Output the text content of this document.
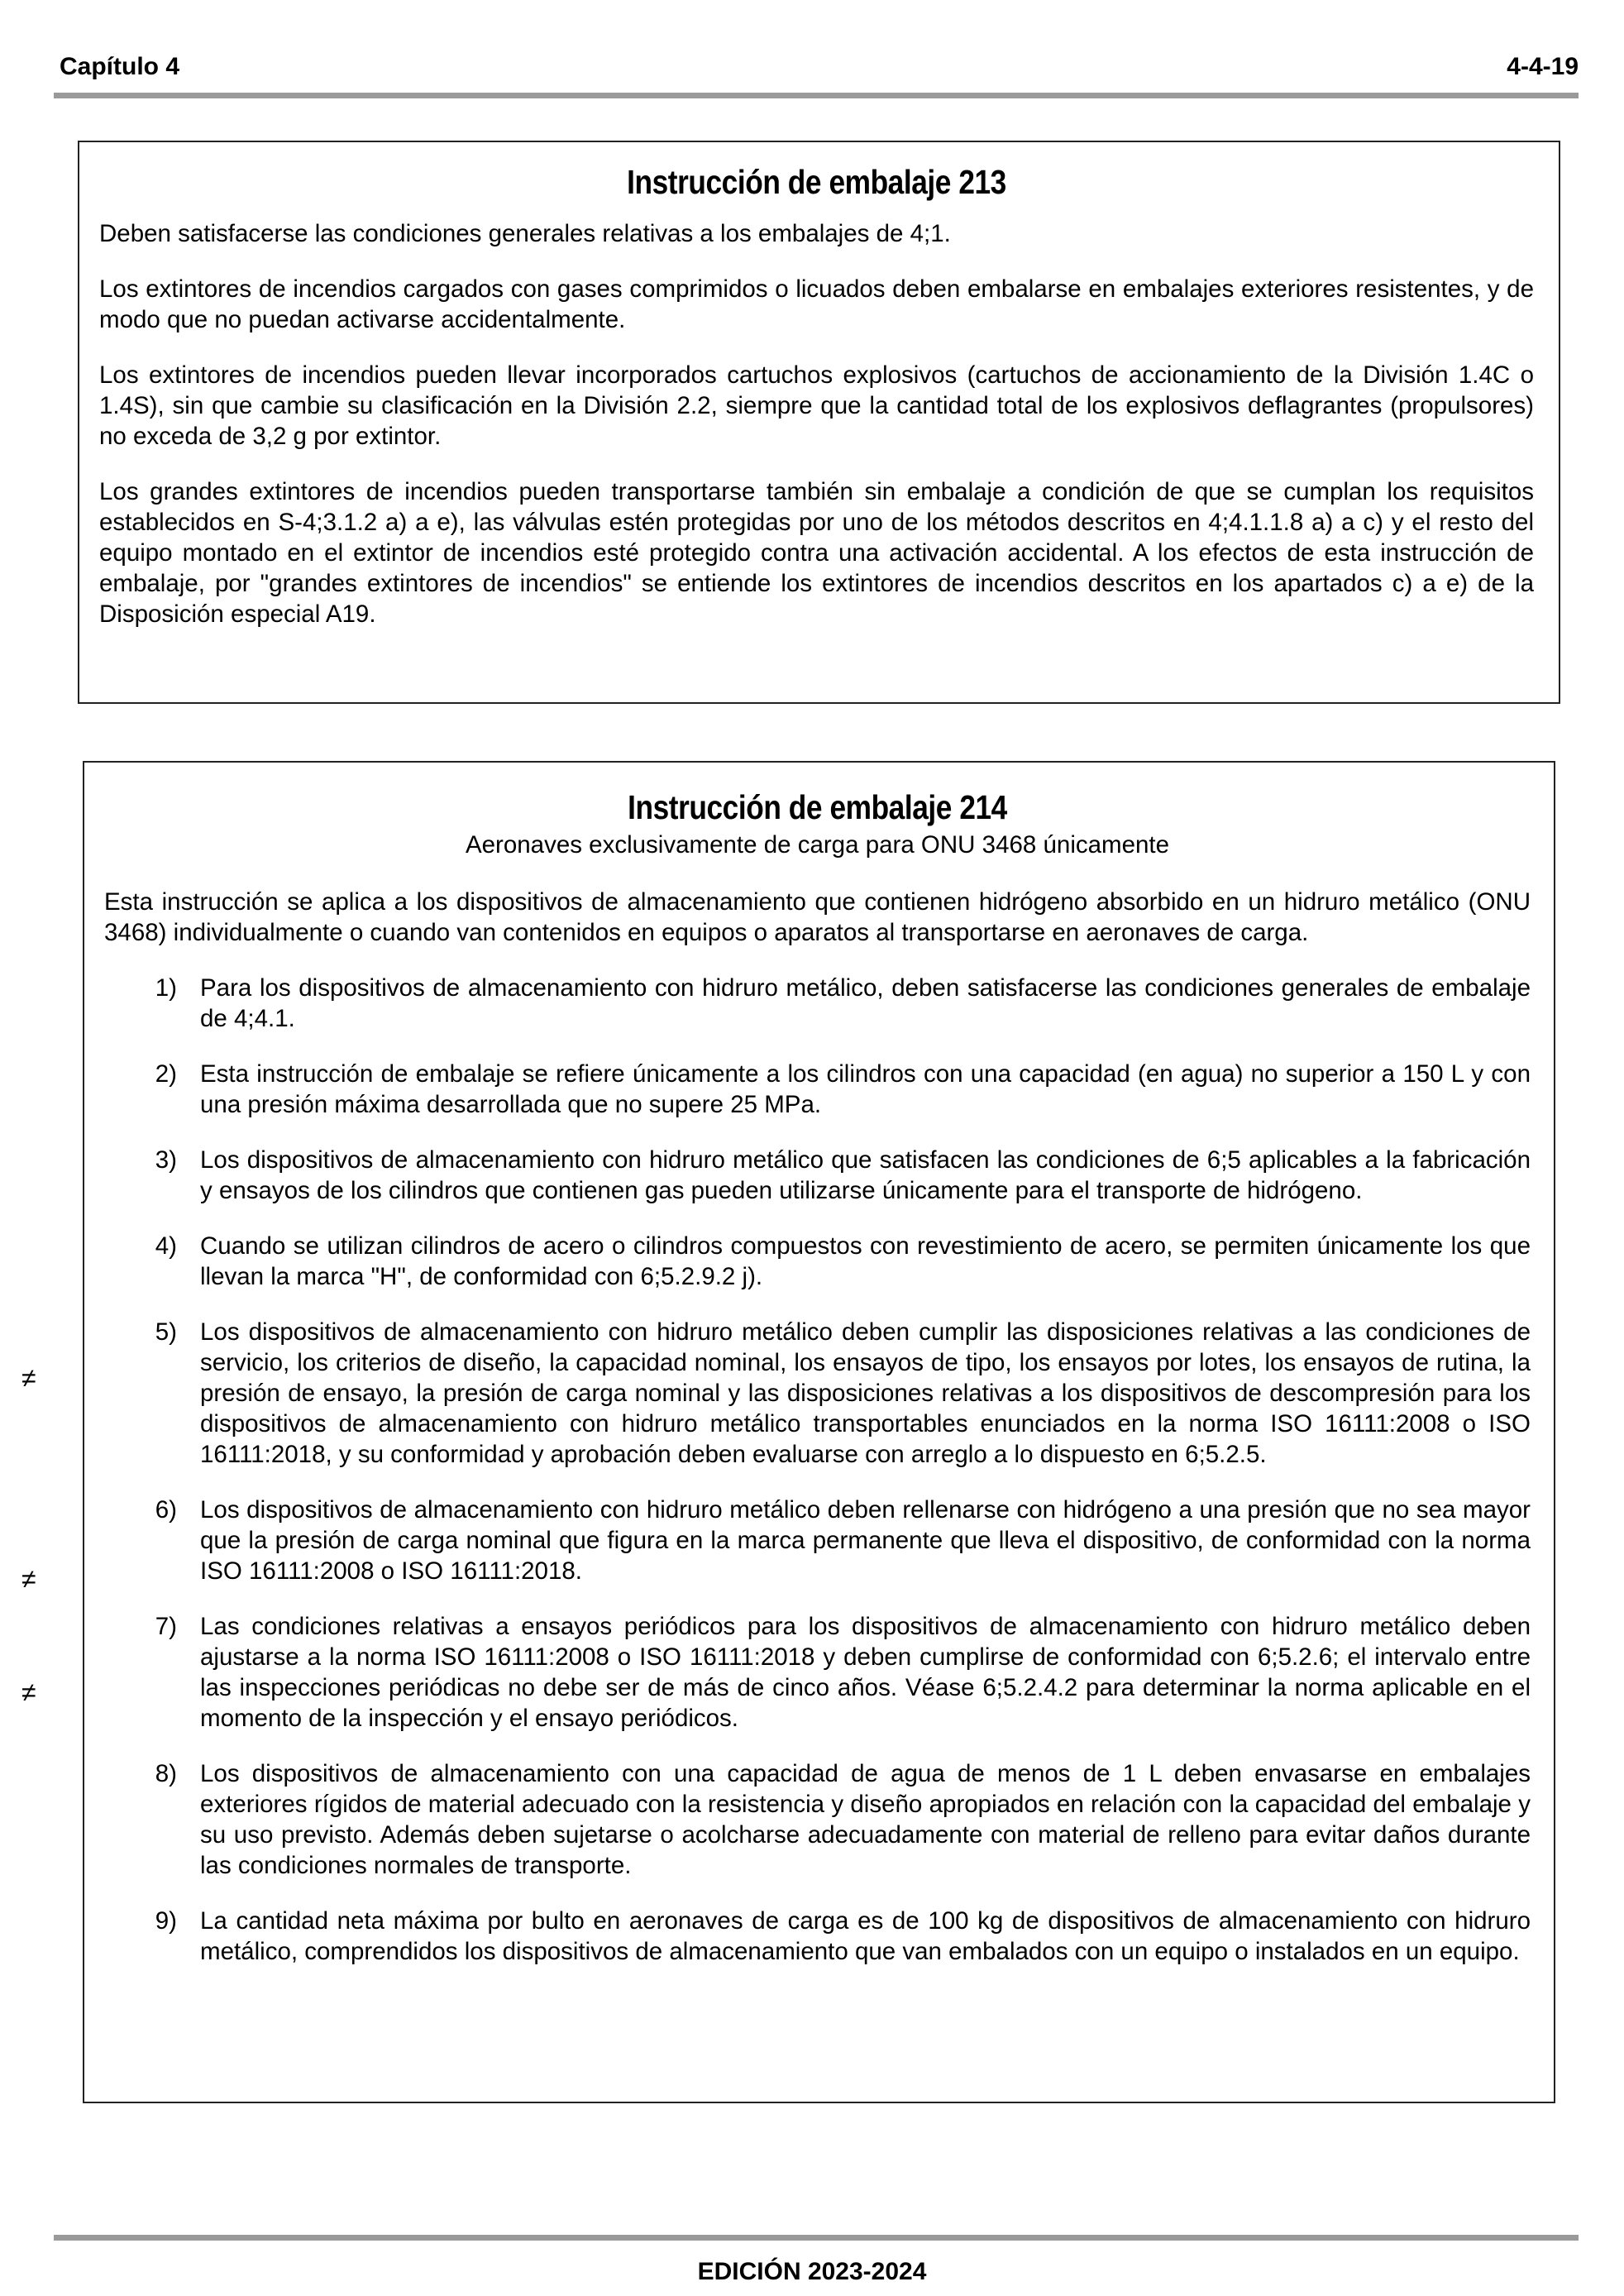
Capítulo 4	4-4-19
Instrucción de embalaje 213

Deben satisfacerse las condiciones generales relativas a los embalajes de 4;1.

Los extintores de incendios cargados con gases comprimidos o licuados deben embalarse en embalajes exteriores resistentes, y de modo que no puedan activarse accidentalmente.

Los extintores de incendios pueden llevar incorporados cartuchos explosivos (cartuchos de accionamiento de la División 1.4C o 1.4S), sin que cambie su clasificación en la División 2.2, siempre que la cantidad total de los explosivos deflagrantes (propulsores) no exceda de 3,2 g por extintor.

Los grandes extintores de incendios pueden transportarse también sin embalaje a condición de que se cumplan los requisitos establecidos en S-4;3.1.2 a) a e), las válvulas estén protegidas por uno de los métodos descritos en 4;4.1.1.8 a) a c) y el resto del equipo montado en el extintor de incendios esté protegido contra una activación accidental. A los efectos de esta instrucción de embalaje, por "grandes extintores de incendios" se entiende los extintores de incendios descritos en los apartados c) a e) de la Disposición especial A19.

Instrucción de embalaje 214
Aeronaves exclusivamente de carga para ONU 3468 únicamente

Esta instrucción se aplica a los dispositivos de almacenamiento que contienen hidrógeno absorbido en un hidruro metálico (ONU 3468) individualmente o cuando van contenidos en equipos o aparatos al transportarse en aeronaves de carga.

1) Para los dispositivos de almacenamiento con hidruro metálico, deben satisfacerse las condiciones generales de embalaje de 4;4.1.
2) Esta instrucción de embalaje se refiere únicamente a los cilindros con una capacidad (en agua) no superior a 150 L y con una presión máxima desarrollada que no supere 25 MPa.
3) Los dispositivos de almacenamiento con hidruro metálico que satisfacen las condiciones de 6;5 aplicables a la fabricación y ensayos de los cilindros que contienen gas pueden utilizarse únicamente para el transporte de hidrógeno.
4) Cuando se utilizan cilindros de acero o cilindros compuestos con revestimiento de acero, se permiten únicamente los que llevan la marca "H", de conformidad con 6;5.2.9.2 j).
5) Los dispositivos de almacenamiento con hidruro metálico deben cumplir las disposiciones relativas a las condiciones de servicio, los criterios de diseño, la capacidad nominal, los ensayos de tipo, los ensayos por lotes, los ensayos de rutina, la presión de ensayo, la presión de carga nominal y las disposiciones relativas a los dispositivos de descompresión para los dispositivos de almacenamiento con hidruro metálico transportables enunciados en la norma ISO 16111:2008 o ISO 16111:2018, y su conformidad y aprobación deben evaluarse con arreglo a lo dispuesto en 6;5.2.5.
6) Los dispositivos de almacenamiento con hidruro metálico deben rellenarse con hidrógeno a una presión que no sea mayor que la presión de carga nominal que figura en la marca permanente que lleva el dispositivo, de conformidad con la norma ISO 16111:2008 o ISO 16111:2018.
7) Las condiciones relativas a ensayos periódicos para los dispositivos de almacenamiento con hidruro metálico deben ajustarse a la norma ISO 16111:2008 o ISO 16111:2018 y deben cumplirse de conformidad con 6;5.2.6; el intervalo entre las inspecciones periódicas no debe ser de más de cinco años. Véase 6;5.2.4.2 para determinar la norma aplicable en el momento de la inspección y el ensayo periódicos.
8) Los dispositivos de almacenamiento con una capacidad de agua de menos de 1 L deben envasarse en embalajes exteriores rígidos de material adecuado con la resistencia y diseño apropiados en relación con la capacidad del embalaje y su uso previsto. Además deben sujetarse o acolcharse adecuadamente con material de relleno para evitar daños durante las condiciones normales de transporte.
9) La cantidad neta máxima por bulto en aeronaves de carga es de 100 kg de dispositivos de almacenamiento con hidruro metálico, comprendidos los dispositivos de almacenamiento que van embalados con un equipo o instalados en un equipo.
≠
≠
≠
EDICIÓN 2023-2024
